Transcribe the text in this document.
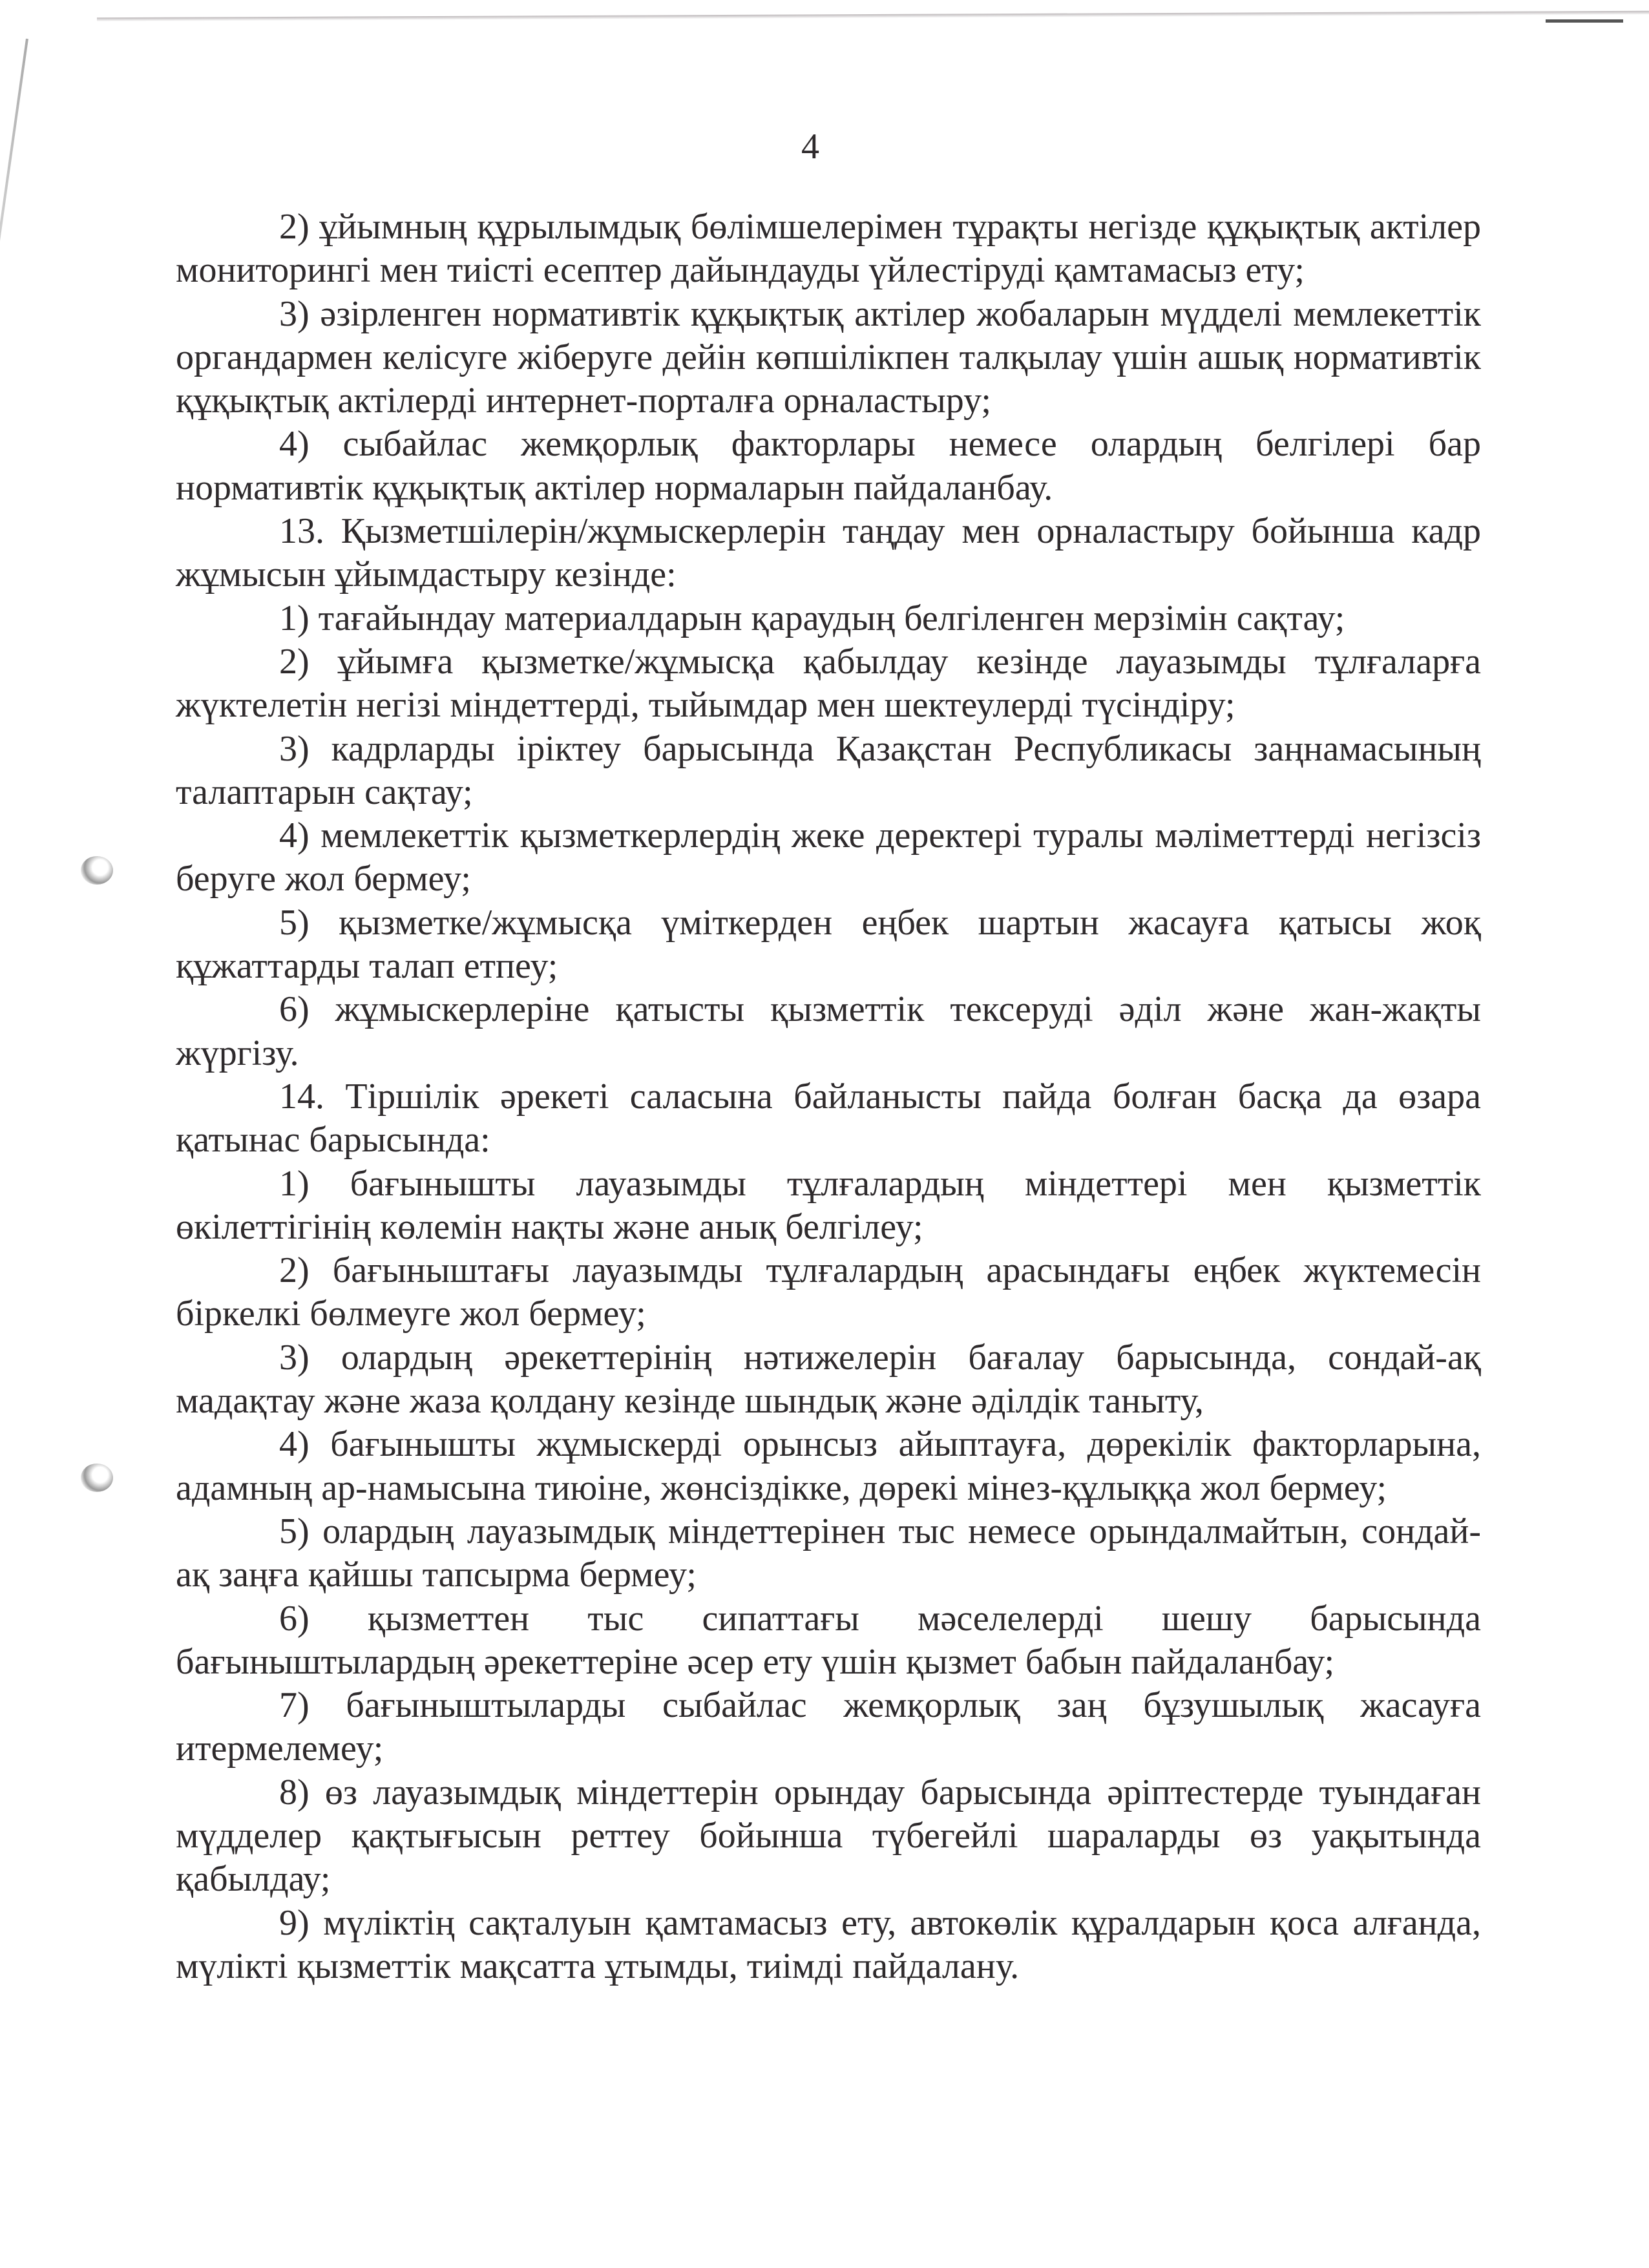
4

2) ұйымның құрылымдық бөлімшелерімен тұрақты негізде құқықтық актілер мониторингі мен тиісті есептер дайындауды үйлестіруді қамтамасыз ету;

3) әзірленген нормативтік құқықтық актілер жобаларын мүдделі мемлекеттік органдармен келісуге жіберуге дейін көпшілікпен талқылау үшін ашық нормативтік құқықтық актілерді интернет-порталға орналастыру;

4) сыбайлас жемқорлық факторлары немесе олардың белгілері бар нормативтік құқықтық актілер нормаларын пайдаланбау.

13. Қызметшілерін/жұмыскерлерін таңдау мен орналастыру бойынша кадр жұмысын ұйымдастыру кезінде:

1) тағайындау материалдарын қараудың белгіленген мерзімін сақтау;

2) ұйымға қызметке/жұмысқа қабылдау кезінде лауазымды тұлғаларға жүктелетін негізі міндеттерді, тыйымдар мен шектеулерді түсіндіру;

3) кадрларды іріктеу барысында Қазақстан Республикасы заңнамасының талаптарын сақтау;

4) мемлекеттік қызметкерлердің жеке деректері туралы мәліметтерді негізсіз беруге жол бермеу;

5) қызметке/жұмысқа үміткерден еңбек шартын жасауға қатысы жоқ құжаттарды талап етпеу;

6) жұмыскерлеріне қатысты қызметтік тексеруді әділ және жан-жақты жүргізу.

14. Тіршілік әрекеті саласына байланысты пайда болған басқа да өзара қатынас барысында:

1) бағынышты лауазымды тұлғалардың міндеттері мен қызметтік өкілеттігінің көлемін нақты және анық белгілеу;

2) бағыныштағы лауазымды тұлғалардың арасындағы еңбек жүктемесін біркелкі бөлмеуге жол бермеу;

3) олардың әрекеттерінің нәтижелерін бағалау барысында, сондай-ақ мадақтау және жаза қолдану кезінде шындық және әділдік таныту,

4) бағынышты жұмыскерді орынсыз айыптауға, дөрекілік факторларына, адамның ар-намысына тиюіне, жөнсіздікке, дөрекі мінез-құлыққа жол бермеу;

5) олардың лауазымдық міндеттерінен тыс немесе орындалмайтын, сондай-ақ заңға қайшы тапсырма бермеу;

6) қызметтен тыс сипаттағы мәселелерді шешу барысында бағыныштылардың әрекеттеріне әсер ету үшін қызмет бабын пайдаланбау;

7) бағыныштыларды сыбайлас жемқорлық заң бұзушылық жасауға итермелемеу;

8) өз лауазымдық міндеттерін орындау барысында әріптестерде туындаған мүдделер қақтығысын реттеу бойынша түбегейлі шараларды өз уақытында қабылдау;

9) мүліктің сақталуын қамтамасыз ету, автокөлік құралдарын қоса алғанда, мүлікті қызметтік мақсатта ұтымды, тиімді пайдалану.
